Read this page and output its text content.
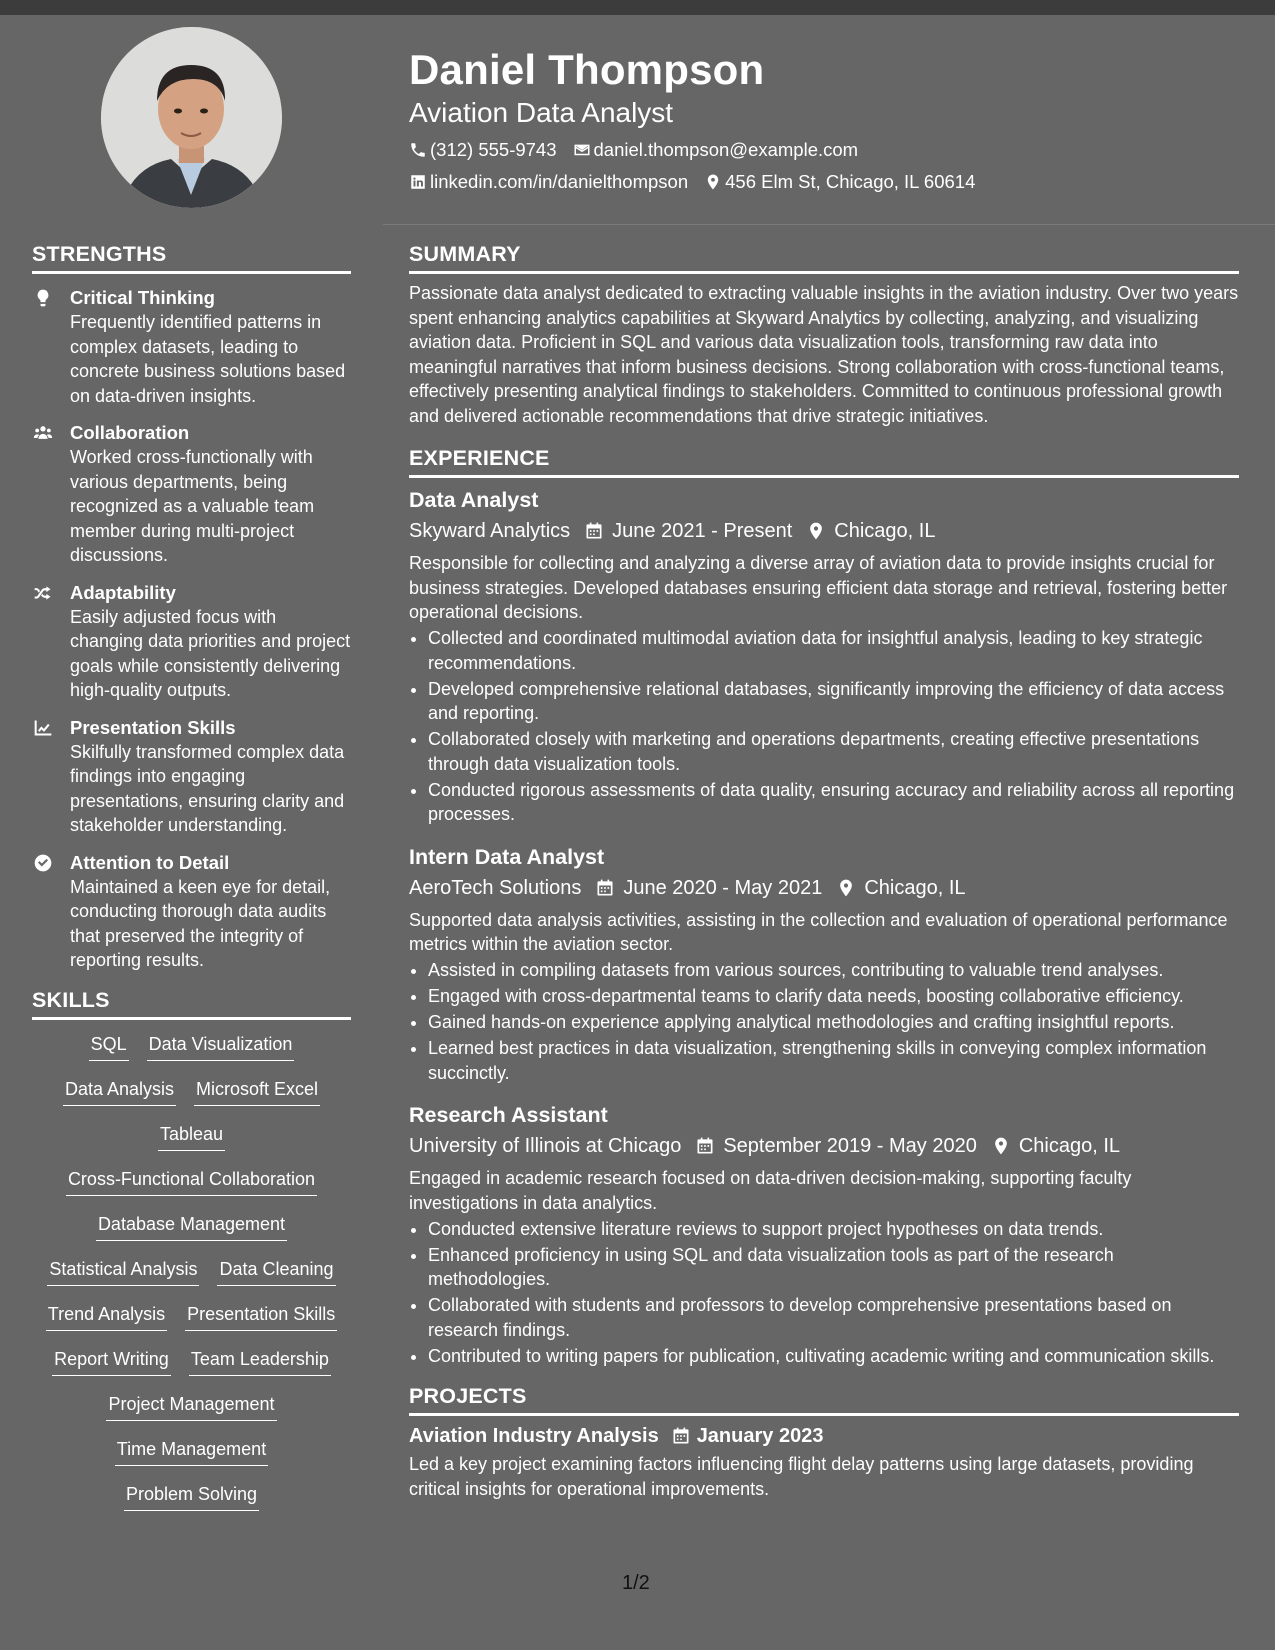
Daniel Thompson
Aviation Data Analyst
(312) 555-9743 daniel.thompson@example.com
linkedin.com/in/danielthompson 456 Elm St, Chicago, IL 60614
STRENGTHS
Critical Thinking
Frequently identified patterns in complex datasets, leading to concrete business solutions based on data-driven insights.
Collaboration
Worked cross-functionally with various departments, being recognized as a valuable team member during multi-project discussions.
Adaptability
Easily adjusted focus with changing data priorities and project goals while consistently delivering high-quality outputs.
Presentation Skills
Skilfully transformed complex data findings into engaging presentations, ensuring clarity and stakeholder understanding.
Attention to Detail
Maintained a keen eye for detail, conducting thorough data audits that preserved the integrity of reporting results.
SKILLS
SQL Data Visualization
Data Analysis Microsoft Excel
Tableau
Cross-Functional Collaboration
Database Management
Statistical Analysis Data Cleaning
Trend Analysis Presentation Skills
Report Writing Team Leadership
Project Management
Time Management
Problem Solving
SUMMARY

Passionate data analyst dedicated to extracting valuable insights in the aviation industry. Over two years spent enhancing analytics capabilities at Skyward Analytics by collecting, analyzing, and visualizing aviation data. Proficient in SQL and various data visualization tools, transforming raw data into meaningful narratives that inform business decisions. Strong collaboration with cross-functional teams, effectively presenting analytical findings to stakeholders. Committed to continuous professional growth and delivered actionable recommendations that drive strategic initiatives.

EXPERIENCE
Data Analyst
Skyward Analytics June 2021 - Present Chicago, IL

Responsible for collecting and analyzing a diverse array of aviation data to provide insights crucial for business strategies. Developed databases ensuring efficient data storage and retrieval, fostering better operational decisions.

• Collected and coordinated multimodal aviation data for insightful analysis, leading to key strategic recommendations.
• Developed comprehensive relational databases, significantly improving the efficiency of data access and reporting.
• Collaborated closely with marketing and operations departments, creating effective presentations through data visualization tools.
• Conducted rigorous assessments of data quality, ensuring accuracy and reliability across all reporting processes.
Intern Data Analyst
AeroTech Solutions June 2020 - May 2021 Chicago, IL

Supported data analysis activities, assisting in the collection and evaluation of operational performance metrics within the aviation sector.

• Assisted in compiling datasets from various sources, contributing to valuable trend analyses.
• Engaged with cross-departmental teams to clarify data needs, boosting collaborative efficiency.
• Gained hands-on experience applying analytical methodologies and crafting insightful reports.
• Learned best practices in data visualization, strengthening skills in conveying complex information succinctly.
Research Assistant
University of Illinois at Chicago September 2019 - May 2020 Chicago, IL

Engaged in academic research focused on data-driven decision-making, supporting faculty investigations in data analytics.

• Conducted extensive literature reviews to support project hypotheses on data trends.
• Enhanced proficiency in using SQL and data visualization tools as part of the research methodologies.
• Collaborated with students and professors to develop comprehensive presentations based on research findings.
• Contributed to writing papers for publication, cultivating academic writing and communication skills.
PROJECTS
Aviation Industry Analysis January 2023

Led a key project examining factors influencing flight delay patterns using large datasets, providing critical insights for operational improvements.

1/2
